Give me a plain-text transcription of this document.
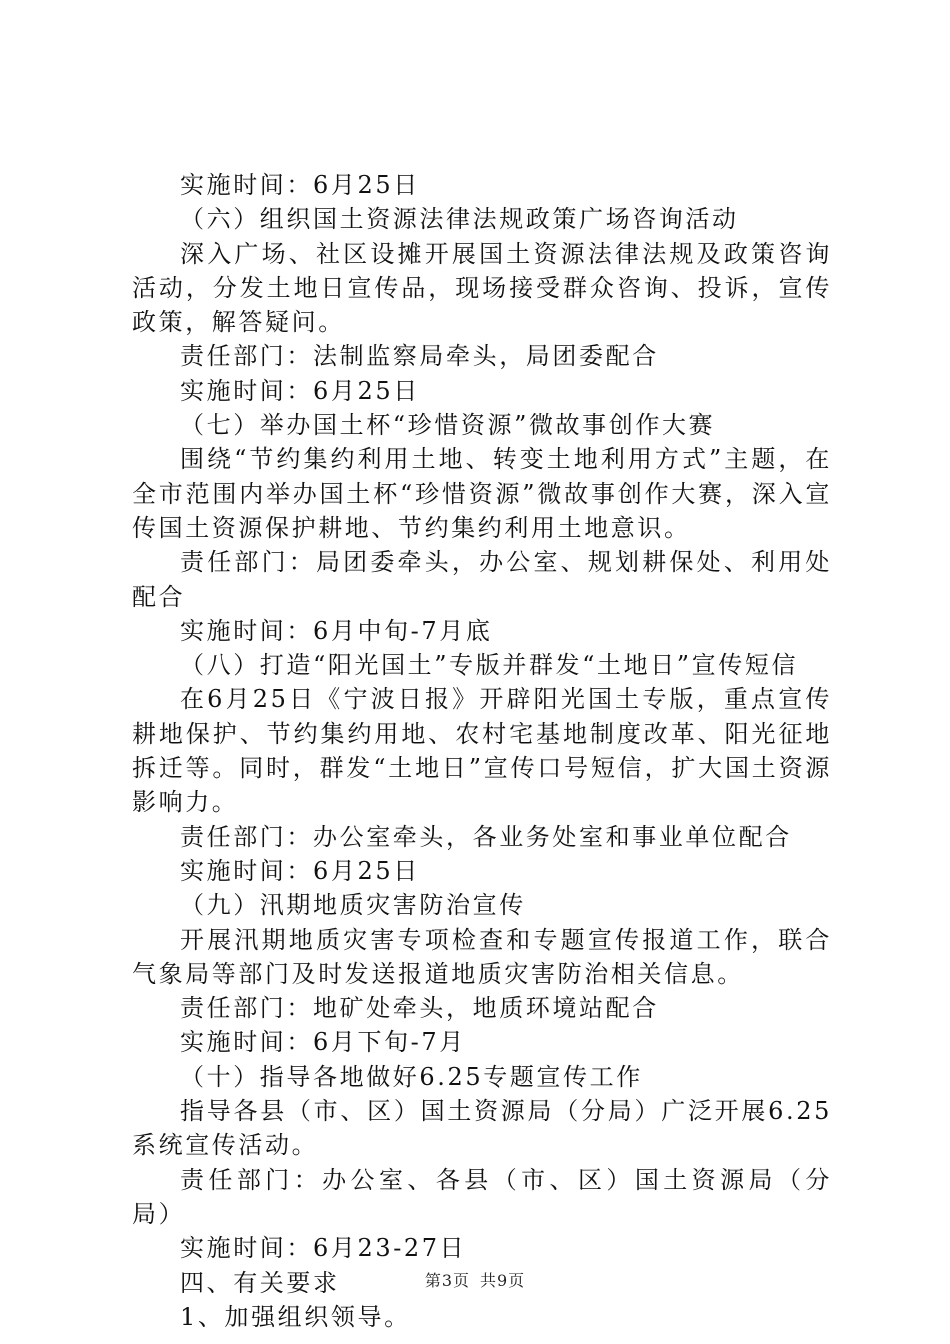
实施时间：6月25日

（六）组织国土资源法律法规政策广场咨询活动

深入广场、社区设摊开展国土资源法律法规及政策咨询活动，分发土地日宣传品，现场接受群众咨询、投诉，宣传政策，解答疑问。

责任部门：法制监察局牵头，局团委配合

实施时间：6月25日

（七）举办国土杯“珍惜资源”微故事创作大赛

围绕“节约集约利用土地、转变土地利用方式”主题，在全市范围内举办国土杯“珍惜资源”微故事创作大赛，深入宣传国土资源保护耕地、节约集约利用土地意识。

责任部门：局团委牵头，办公室、规划耕保处、利用处配合

实施时间：6月中旬-7月底

（八）打造“阳光国土”专版并群发“土地日”宣传短信

在6月25日《宁波日报》开辟阳光国土专版，重点宣传耕地保护、节约集约用地、农村宅基地制度改革、阳光征地拆迁等。同时，群发“土地日”宣传口号短信，扩大国土资源影响力。

责任部门：办公室牵头，各业务处室和事业单位配合

实施时间：6月25日

（九）汛期地质灾害防治宣传

开展汛期地质灾害专项检查和专题宣传报道工作，联合气象局等部门及时发送报道地质灾害防治相关信息。

责任部门：地矿处牵头，地质环境站配合

实施时间：6月下旬-7月

（十）指导各地做好6.25专题宣传工作

指导各县（市、区）国土资源局（分局）广泛开展6.25系统宣传活动。

责任部门：办公室、各县（市、区）国土资源局（分局）

实施时间：6月23-27日

四、有关要求

1、加强组织领导。

第3页 共9页
